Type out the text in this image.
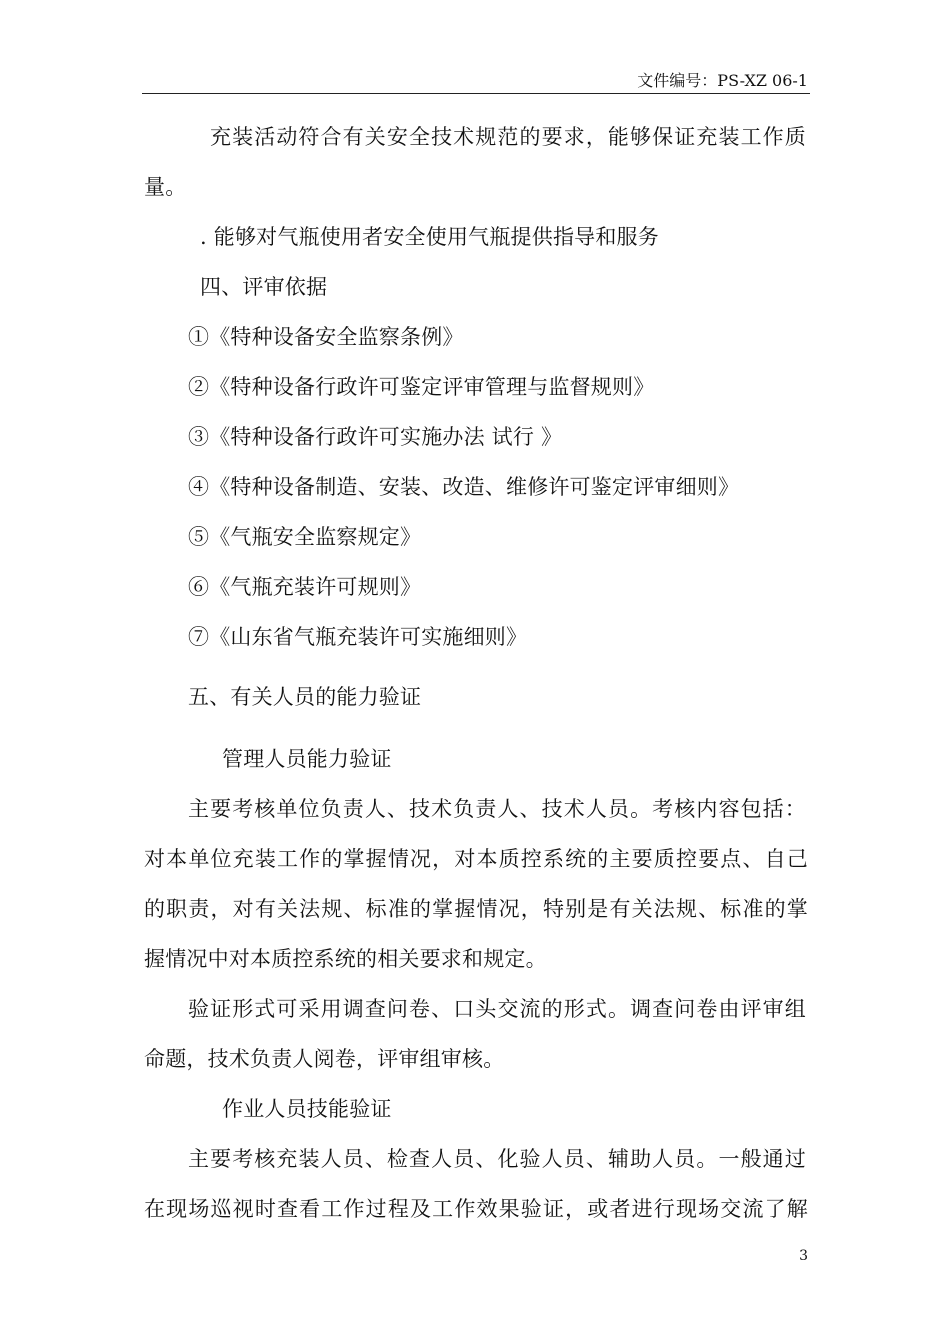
文件编号：PS-XZ 06-1
充装活动符合有关安全技术规范的要求，能够保证充装工作质
量。
. 能够对气瓶使用者安全使用气瓶提供指导和服务
四、评审依据
①《特种设备安全监察条例》
②《特种设备行政许可鉴定评审管理与监督规则》
③《特种设备行政许可实施办法 试行 》
④《特种设备制造、安装、改造、维修许可鉴定评审细则》
⑤《气瓶安全监察规定》
⑥《气瓶充装许可规则》
⑦《山东省气瓶充装许可实施细则》
五、有关人员的能力验证
管理人员能力验证
主要考核单位负责人、技术负责人、技术人员。考核内容包括：
对本单位充装工作的掌握情况，对本质控系统的主要质控要点、自己
的职责，对有关法规、标准的掌握情况，特别是有关法规、标准的掌
握情况中对本质控系统的相关要求和规定。
验证形式可采用调查问卷、口头交流的形式。调查问卷由评审组
命题，技术负责人阅卷，评审组审核。
作业人员技能验证
主要考核充装人员、检查人员、化验人员、辅助人员。一般通过
在现场巡视时查看工作过程及工作效果验证，或者进行现场交流了解
3
